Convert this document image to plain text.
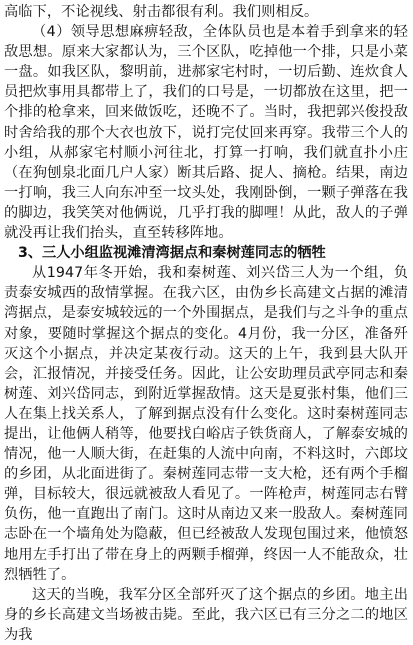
高临下，不论视线、射击都很有利。我们则相反。

（4）领导思想麻痹轻敌，全体队员也是本着手到拿来的轻敌思想。原来大家都认为，三个区队，吃掉他一个排，只是小菜一盘。如我区队，黎明前，进郝家宅村时，一切后勤、连炊食人员把炊事用具都带上了，我们的口号是，一切都放在这里，把一个排的枪拿来，回来做饭吃，还晚不了。当时，我把郭兴俊投敌时舍给我的那个大衣也放下，说打完仗回来再穿。我带三个人的小组，从郝家宅村顺小河往北，打算一打响，我们就直扑小庄（在狗刨泉北面几户人家）断其后路、捉人、摘枪。结果，南边一打响，我三人向东冲至一坟头处，我刚卧倒，一颗子弹落在我的脚边，我笑笑对他俩说，几乎打我的脚哩！从此，敌人的子弹就没再让我们抬头，直至转移阵地。

3、三人小组监视滩清湾据点和秦树莲同志的牺牲

从1947年冬开始，我和秦树莲、刘兴岱三人为一个组，负责泰安城西的敌情掌握。在我六区，由伪乡长高建文占据的滩清湾据点，是泰安城较远的一个外围据点，是我们与之斗争的重点对象，要随时掌握这个据点的变化。4月份，我一分区，准备歼灭这个小据点，并决定某夜行动。这天的上午，我到县大队开会，汇报情况，并接受任务。因此，让公安助理员武亭同志和秦树莲、刘兴岱同志，到附近掌握敌情。这天是夏张村集，他们三人在集上找关系人，了解到据点没有什么变化。这时秦树莲同志提出，让他俩人稍等，他要找白峪店子铁货商人，了解泰安城的情况，他一人顺大街，在赶集的人流中向南，不料这时，六郎坟的乡团，从北面进街了。秦树莲同志带一支大枪，还有两个手榴弹，目标较大，很远就被敌人看见了。一阵枪声，树莲同志右臂负伤，他一直跑出了南门。这时从南边又来一股敌人。秦树莲同志卧在一个墙角处为隐蔽，但已经被敌人发现包围过来，他愤怒地用左手打出了带在身上的两颗手榴弹，终因一人不能敌众，壮烈牺牲了。

这天的当晚，我军分区全部歼灭了这个据点的乡团。地主出身的乡长高建文当场被击毙。至此，我六区已有三分之二的地区为我
